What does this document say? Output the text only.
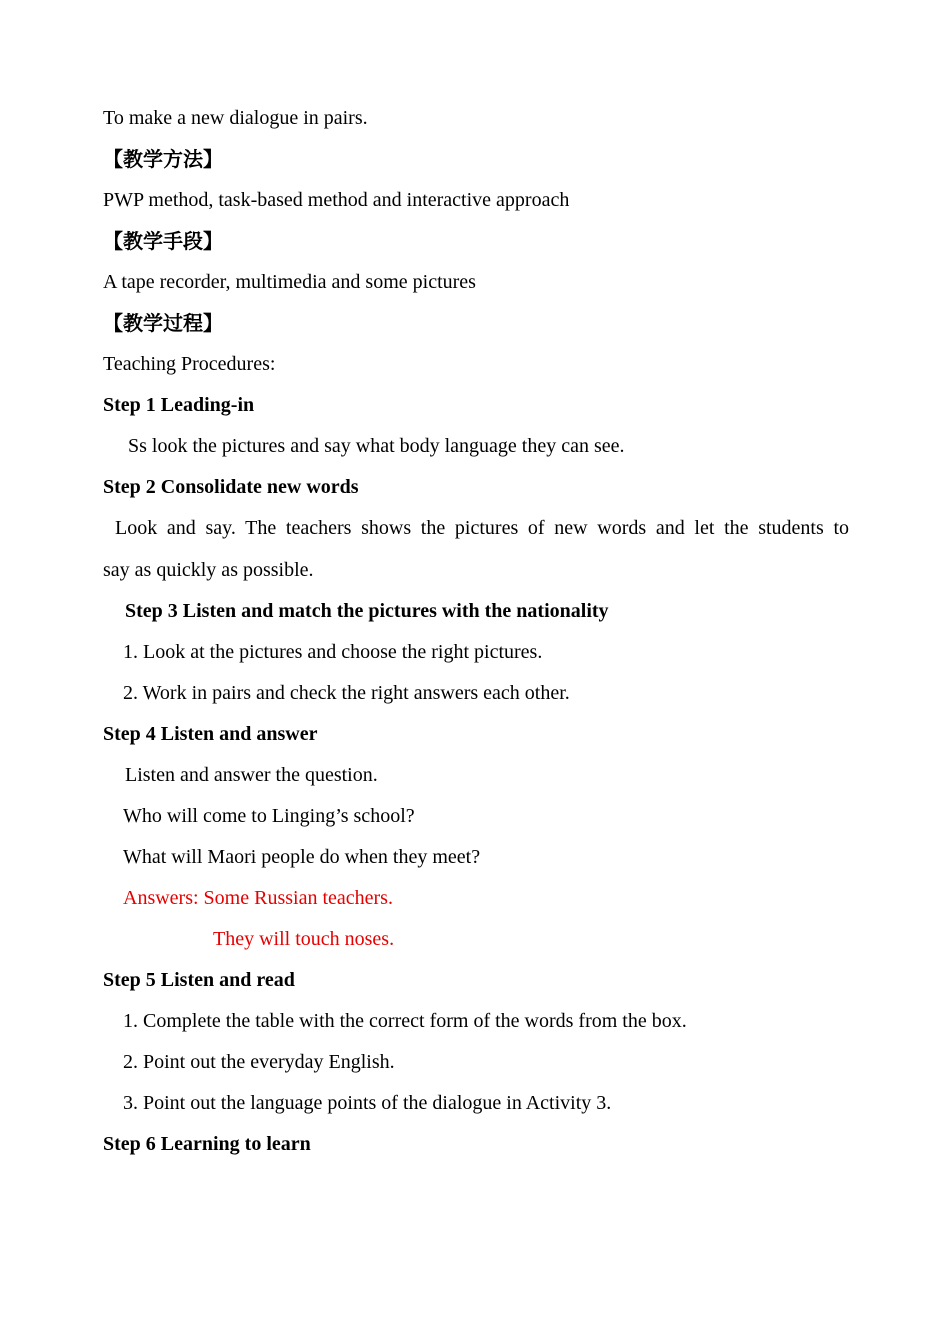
To make a new dialogue in pairs.

【教学方法】

PWP method, task-based method and interactive approach

【教学手段】

A tape recorder, multimedia and some pictures

【教学过程】

Teaching Procedures:

Step 1 Leading-in

Ss look the pictures and say what body language they can see.

Step 2 Consolidate new words

Look and say. The teachers shows the pictures of new words and let the students to

say as quickly as possible.

Step 3 Listen and match the pictures with the nationality

1. Look at the pictures and choose the right pictures.

2. Work in pairs and check the right answers each other.

Step 4 Listen and answer

Listen and answer the question.

Who will come to Linging’s school?

What will Maori people do when they meet?

Answers: Some Russian teachers.

They will touch noses.

Step 5 Listen and read

1. Complete the table with the correct form of the words from the box.

2. Point out the everyday English.

3. Point out the language points of the dialogue in Activity 3.

Step 6 Learning to learn
